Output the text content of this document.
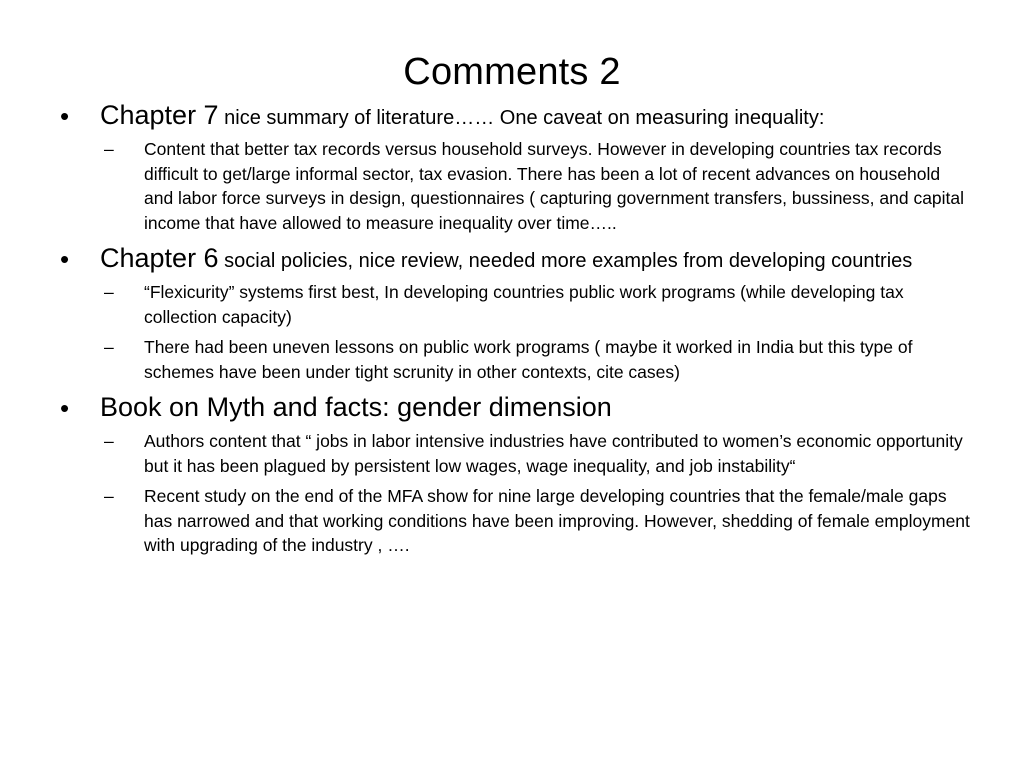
Comments 2
• Chapter 7 nice summary of literature…… One caveat on measuring inequality:
– Content that better tax records versus household surveys. However in developing countries tax records difficult to get/large informal sector, tax evasion. There has been a lot of recent advances on household and labor force surveys in design, questionnaires ( capturing government transfers, bussiness, and capital income that have allowed to measure inequality over time…..
• Chapter 6 social policies, nice review, needed more examples from developing countries
– “Flexicurity” systems first best, In developing countries public work programs (while developing tax collection capacity)
– There had been uneven lessons on public work programs ( maybe it worked in India but this type of schemes have been under tight scrunity in other contexts, cite cases)
• Book on Myth and facts: gender dimension
– Authors content that “ jobs in labor intensive industries have contributed to women’s economic opportunity but it has been plagued by persistent low wages, wage inequality, and job instability“
– Recent study on the end of the MFA show for nine large developing countries that the female/male gaps has narrowed and that working conditions have been improving. However, shedding of female employment with upgrading of the industry , ….
